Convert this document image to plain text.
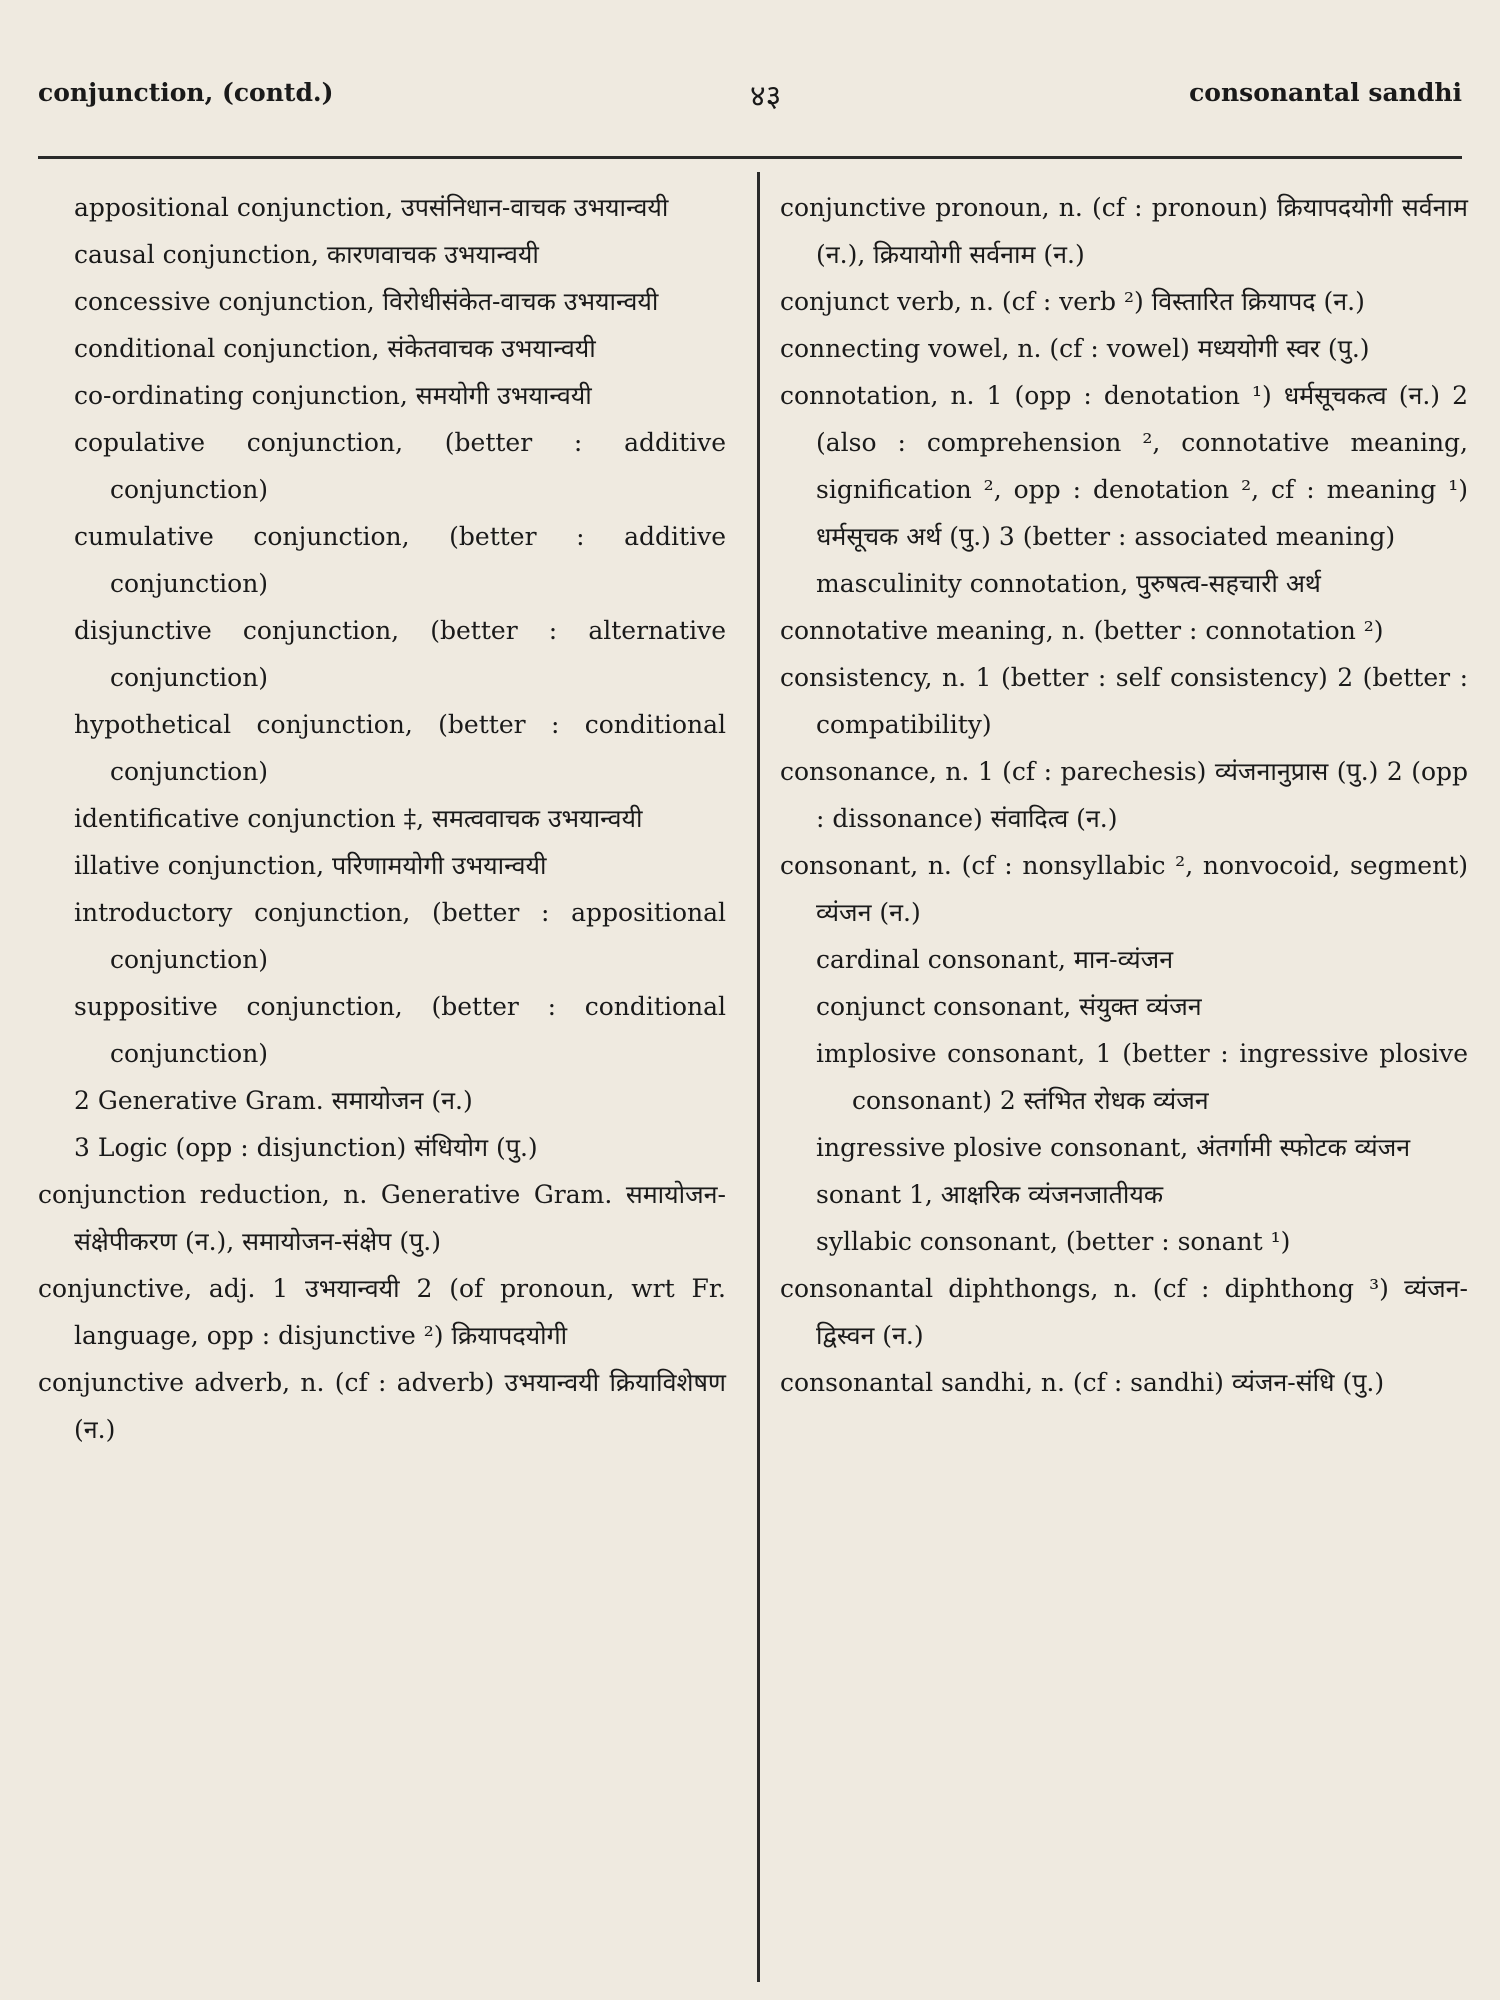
conjunction, (contd.)	४३	consonantal sandhi

appositional conjunction, उपसंनिधान-वाचक उभयान्वयी

causal conjunction, कारणवाचक उभयान्वयी

concessive conjunction, विरोधीसंकेत-वाचक उभयान्वयी

conditional conjunction, संकेतवाचक उभयान्वयी

co-ordinating conjunction, समयोगी उभयान्वयी

copulative conjunction, (better : additive conjunction)

cumulative conjunction, (better : additive conjunction)

disjunctive conjunction, (better : alternative conjunction)

hypothetical conjunction, (better : conditional conjunction)

identificative conjunction ‡, समत्ववाचक उभयान्वयी

illative conjunction, परिणामयोगी उभयान्वयी

introductory conjunction, (better : appositional conjunction)

suppositive conjunction, (better : conditional conjunction)

2 Generative Gram. समायोजन (न.)

3 Logic (opp : disjunction) संधियोग (पु.)

conjunction reduction, n. Generative Gram. समायोजन-संक्षेपीकरण (न.), समायोजन-संक्षेप (पु.)

conjunctive, adj. 1 उभयान्वयी 2 (of pronoun, wrt Fr. language, opp : disjunctive ²) क्रियापदयोगी

conjunctive adverb, n. (cf : adverb) उभयान्वयी क्रियाविशेषण (न.)

conjunctive pronoun, n. (cf : pronoun) क्रियापदयोगी सर्वनाम (न.), क्रियायोगी सर्वनाम (न.)

conjunct verb, n. (cf : verb ²) विस्तारित क्रियापद (न.)

connecting vowel, n. (cf : vowel) मध्ययोगी स्वर (पु.)

connotation, n. 1 (opp : denotation ¹) धर्मसूचकत्व (न.) 2 (also : comprehension ², connotative meaning, signification ², opp : denotation ², cf : meaning ¹) धर्मसूचक अर्थ (पु.) 3 (better : associated meaning)

masculinity connotation, पुरुषत्व-सहचारी अर्थ

connotative meaning, n. (better : connotation ²)

consistency, n. 1 (better : self consistency) 2 (better : compatibility)

consonance, n. 1 (cf : parechesis) व्यंजनानुप्रास (पु.) 2 (opp : dissonance) संवादित्व (न.)

consonant, n. (cf : nonsyllabic ², nonvocoid, segment) व्यंजन (न.)

cardinal consonant, मान-व्यंजन

conjunct consonant, संयुक्त व्यंजन

implosive consonant, 1 (better : ingressive plosive consonant) 2 स्तंभित रोधक व्यंजन

ingressive plosive consonant, अंतर्गामी स्फोटक व्यंजन

sonant 1, आक्षरिक व्यंजनजातीयक

syllabic consonant, (better : sonant ¹)

consonantal diphthongs, n. (cf : diphthong ³) व्यंजन-द्विस्वन (न.)

consonantal sandhi, n. (cf : sandhi) व्यंजन-संधि (पु.)
